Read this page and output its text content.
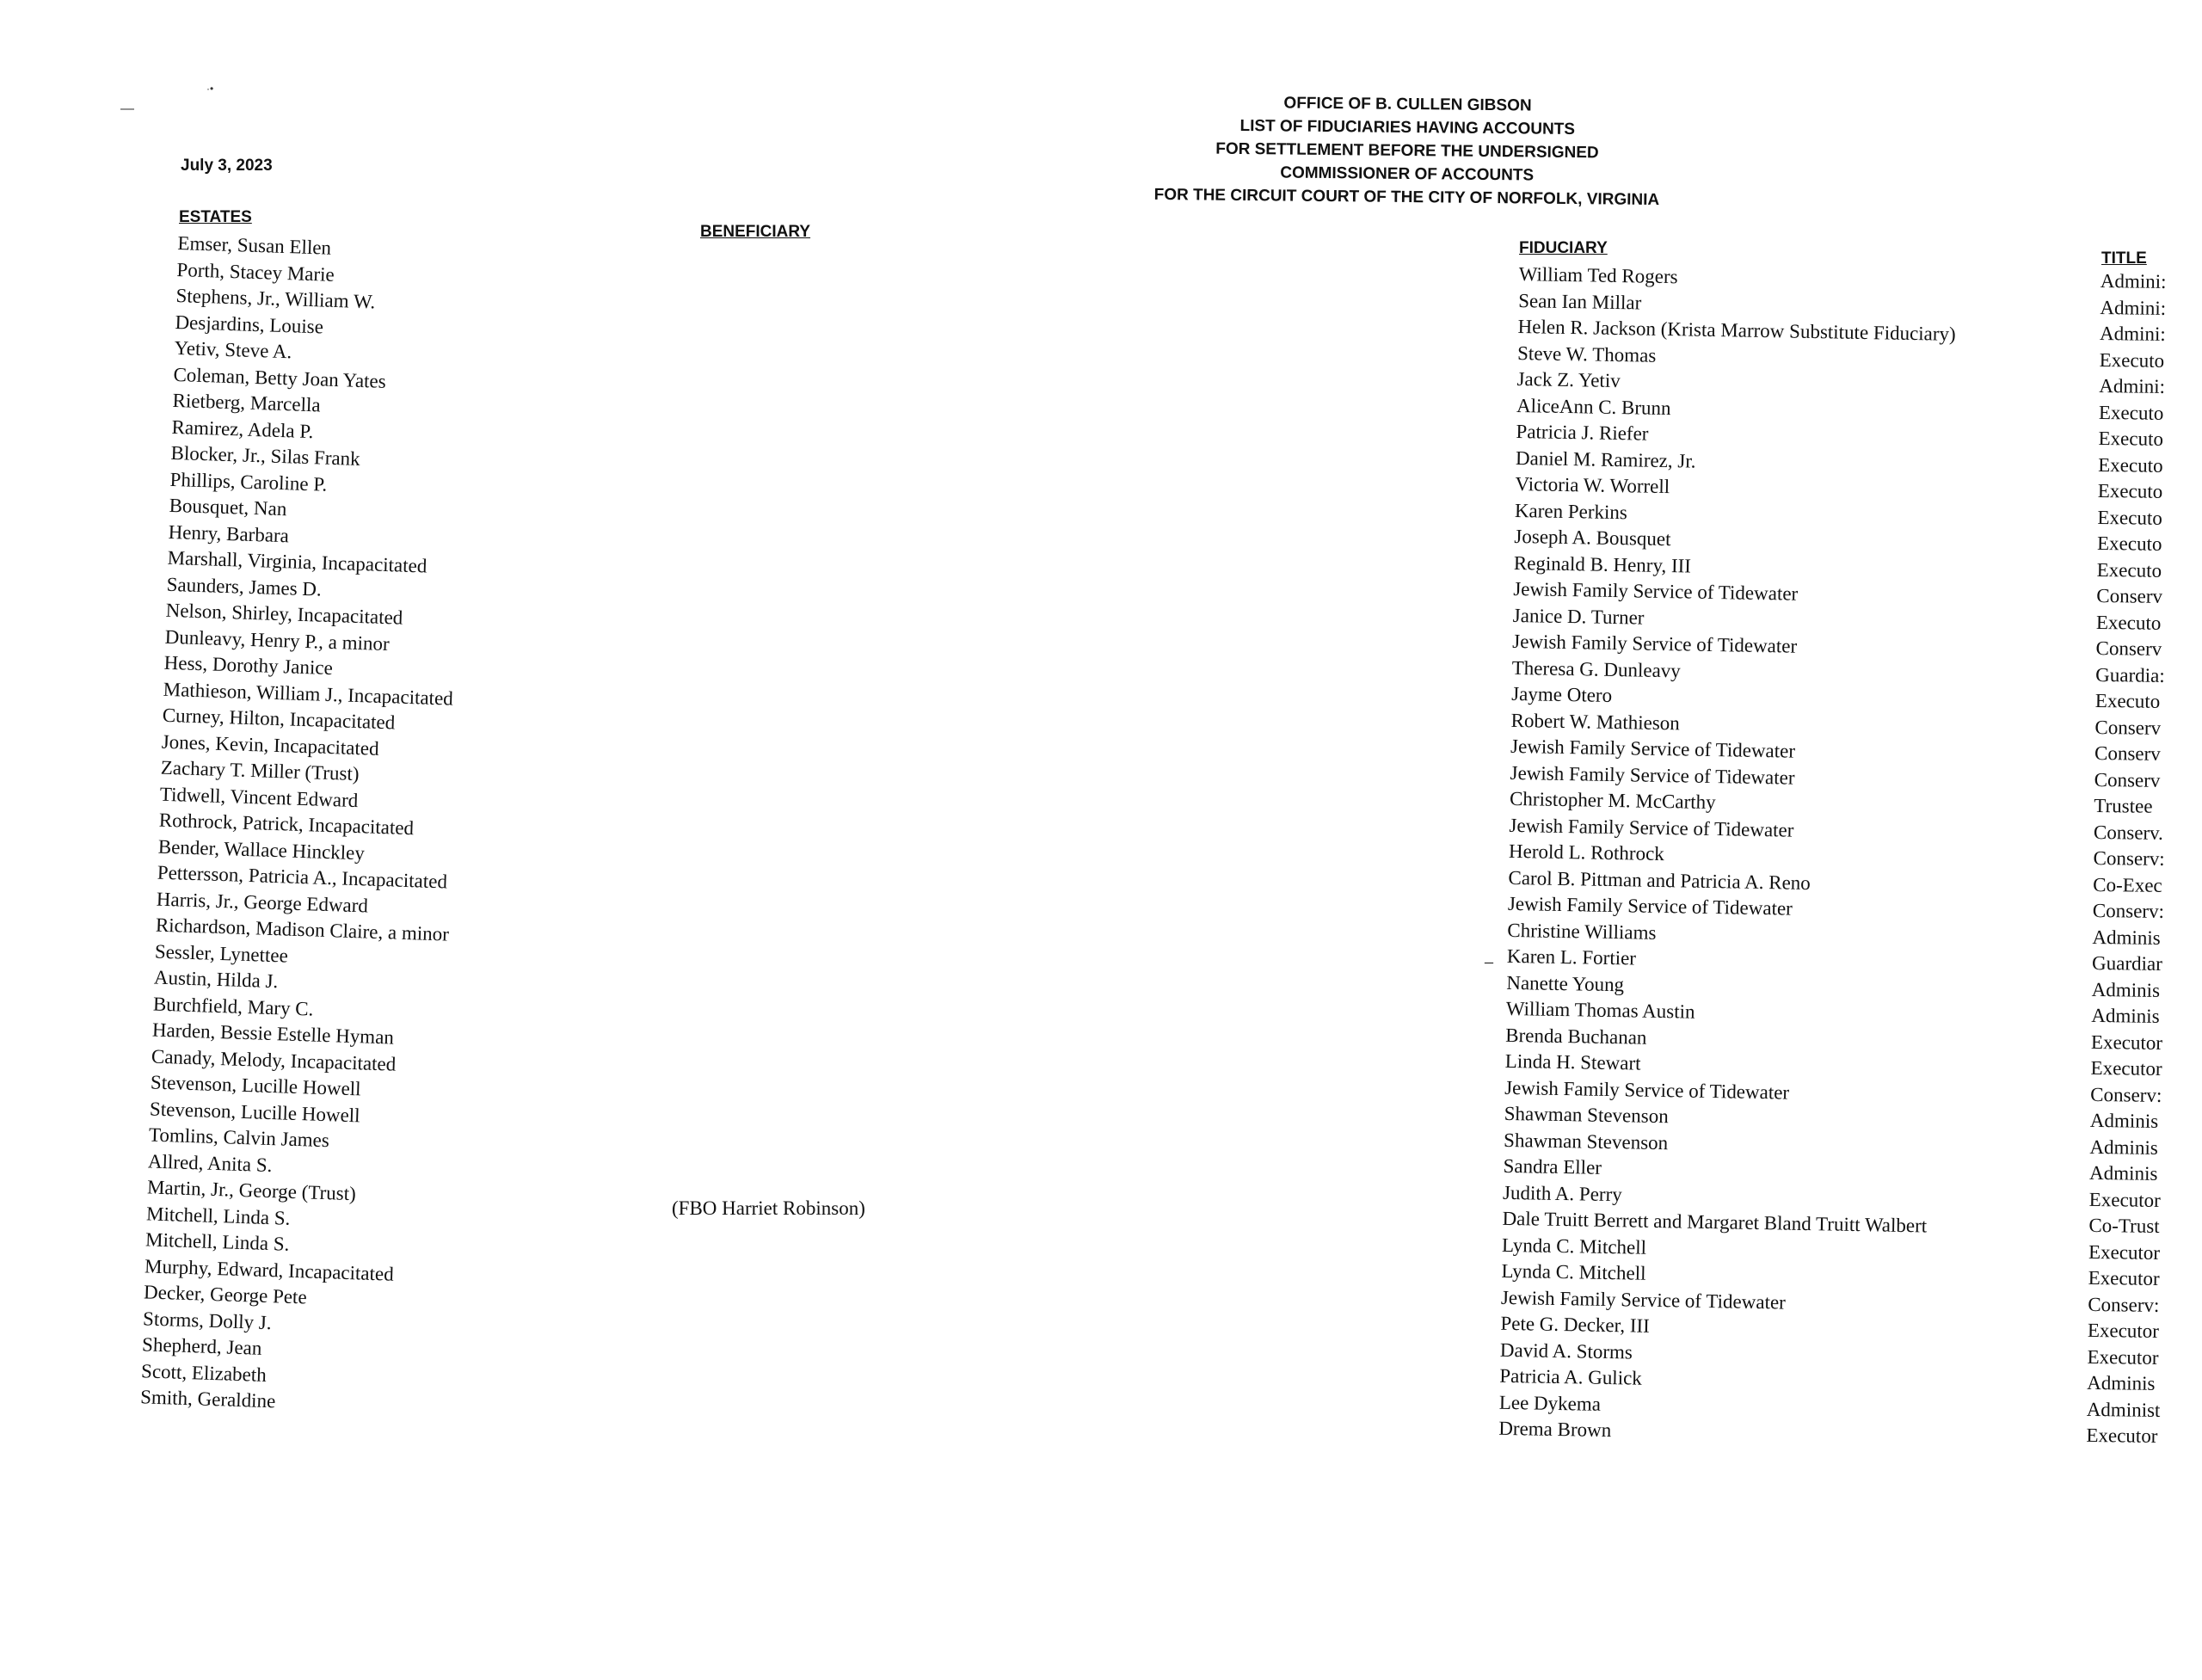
—
·•
OFFICE OF B. CULLEN GIBSON
LIST OF FIDUCIARIES HAVING ACCOUNTS
FOR SETTLEMENT BEFORE THE UNDERSIGNED
COMMISSIONER OF ACCOUNTS
FOR THE CIRCUIT COURT OF THE CITY OF NORFOLK, VIRGINIA
July 3, 2023
ESTATES
BENEFICIARY
FIDUCIARY
TITLE
Emser, Susan Ellen
Porth, Stacey Marie
Stephens, Jr., William W.
Desjardins, Louise
Yetiv, Steve A.
Coleman, Betty Joan Yates
Rietberg, Marcella
Ramirez, Adela P.
Blocker, Jr., Silas Frank
Phillips, Caroline P.
Bousquet, Nan
Henry, Barbara
Marshall, Virginia, Incapacitated
Saunders, James D.
Nelson, Shirley, Incapacitated
Dunleavy, Henry P., a minor
Hess, Dorothy Janice
Mathieson, William J., Incapacitated
Curney, Hilton, Incapacitated
Jones, Kevin, Incapacitated
Zachary T. Miller (Trust)
Tidwell, Vincent Edward
Rothrock, Patrick, Incapacitated
Bender, Wallace Hinckley
Pettersson, Patricia A., Incapacitated
Harris, Jr., George Edward
Richardson, Madison Claire, a minor
Sessler, Lynettee
Austin, Hilda J.
Burchfield, Mary C.
Harden, Bessie Estelle Hyman
Canady, Melody, Incapacitated
Stevenson, Lucille Howell
Stevenson, Lucille Howell
Tomlins, Calvin James
Allred, Anita S.
Martin, Jr., George (Trust)
Mitchell, Linda S.
Mitchell, Linda S.
Murphy, Edward, Incapacitated
Decker, George Pete
Storms, Dolly J.
Shepherd, Jean
Scott, Elizabeth
Smith, Geraldine
William Ted Rogers
Sean Ian Millar
Helen R. Jackson (Krista Marrow Substitute Fiduciary)
Steve W. Thomas
Jack Z. Yetiv
AliceAnn C. Brunn
Patricia J. Riefer
Daniel M. Ramirez, Jr.
Victoria W. Worrell
Karen Perkins
Joseph A. Bousquet
Reginald B. Henry, III
Jewish Family Service of Tidewater
Janice D. Turner
Jewish Family Service of Tidewater
Theresa G. Dunleavy
Jayme Otero
Robert W. Mathieson
Jewish Family Service of Tidewater
Jewish Family Service of Tidewater
Christopher M. McCarthy
Jewish Family Service of Tidewater
Herold L. Rothrock
Carol B. Pittman and Patricia A. Reno
Jewish Family Service of Tidewater
Christine Williams
Karen L. Fortier
Nanette Young
William Thomas Austin
Brenda Buchanan
Linda H. Stewart
Jewish Family Service of Tidewater
Shawman Stevenson
Shawman Stevenson
Sandra Eller
Judith A. Perry
Dale Truitt Berrett and Margaret Bland Truitt Walbert
Lynda C. Mitchell
Lynda C. Mitchell
Jewish Family Service of Tidewater
Pete G. Decker, III
David A. Storms
Patricia A. Gulick
Lee Dykema
Drema Brown
Admini:
Admini:
Admini:
Executo
Admini:
Executo
Executo
Executo
Executo
Executo
Executo
Executo
Conserv
Executo
Conserv
Guardia:
Executo
Conserv
Conserv
Conserv
Trustee
Conserv.
Conserv:
Co-Exec
Conserv:
Adminis
Guardiar
Adminis
Adminis
Executor
Executor
Conserv:
Adminis
Adminis
Adminis
Executor
Co-Trust
Executor
Executor
Conserv:
Executor
Executor
Adminis
Administ
Executor
(FBO Harriet Robinson)
–
